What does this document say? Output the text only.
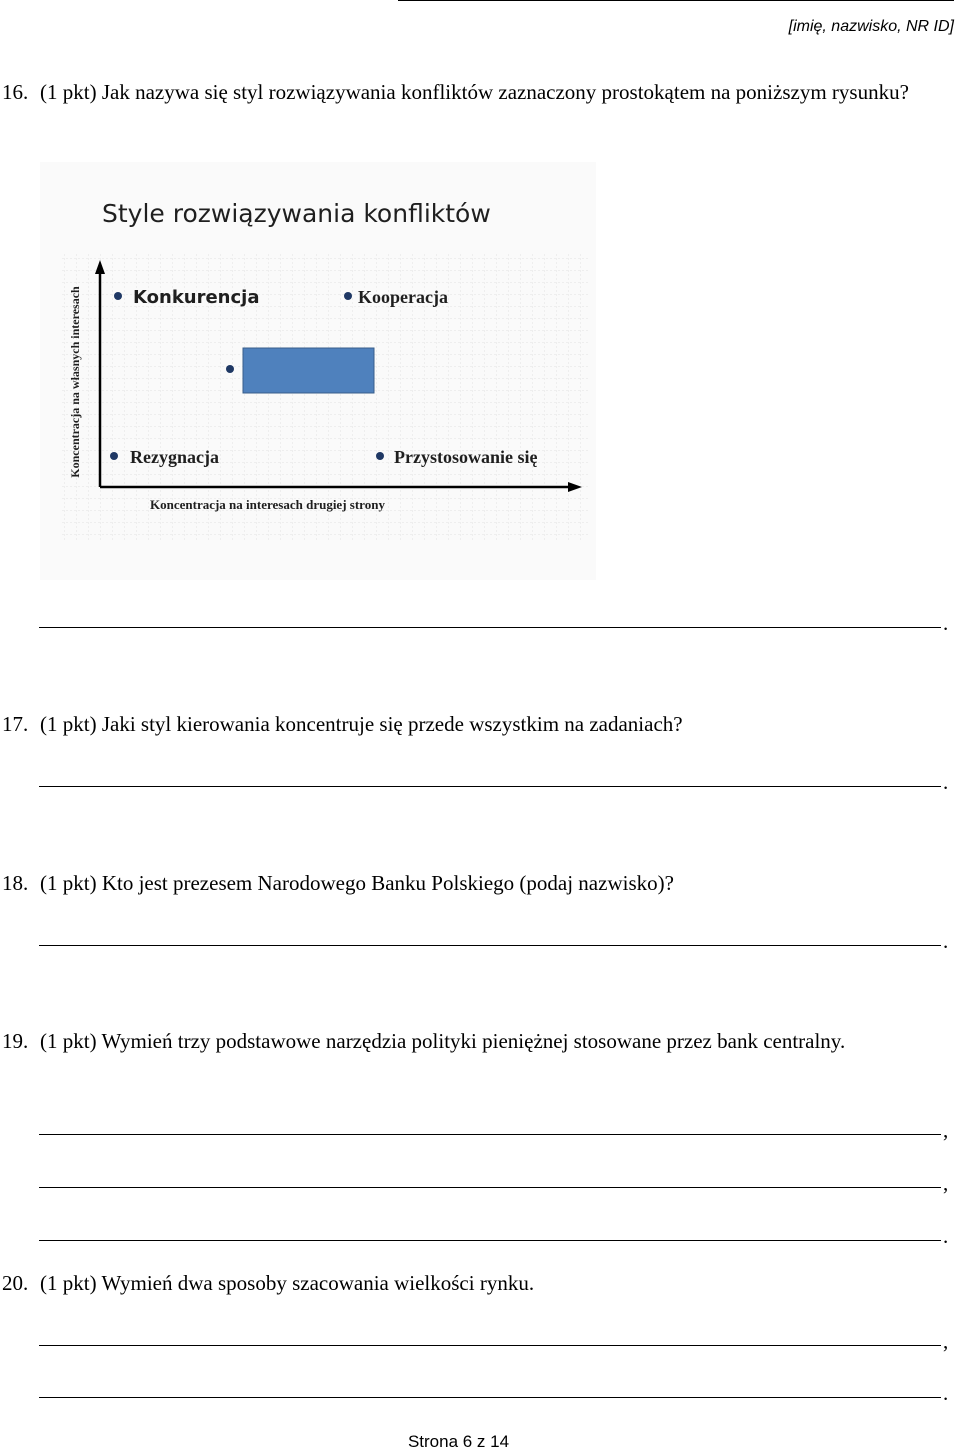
[imię, nazwisko, NR ID]
16. (1 pkt) Jak nazywa się styl rozwiązywania konfliktów zaznaczony prostokątem na poniższym rysunku?
Style rozwiązywania konfliktów
Koncentracja na własnych interesach
Koncentracja na interesach drugiej strony
Konkurencja	Kooperacja
Rezygnacja	Przystosowanie się
.
17. (1 pkt) Jaki styl kierowania koncentruje się przede wszystkim na zadaniach?
.
18. (1 pkt) Kto jest prezesem Narodowego Banku Polskiego (podaj nazwisko)?
.
19. (1 pkt) Wymień trzy podstawowe narzędzia polityki pieniężnej stosowane przez bank centralny.
,
,
.
20. (1 pkt) Wymień dwa sposoby szacowania wielkości rynku.
,
.
Strona 6 z 14
